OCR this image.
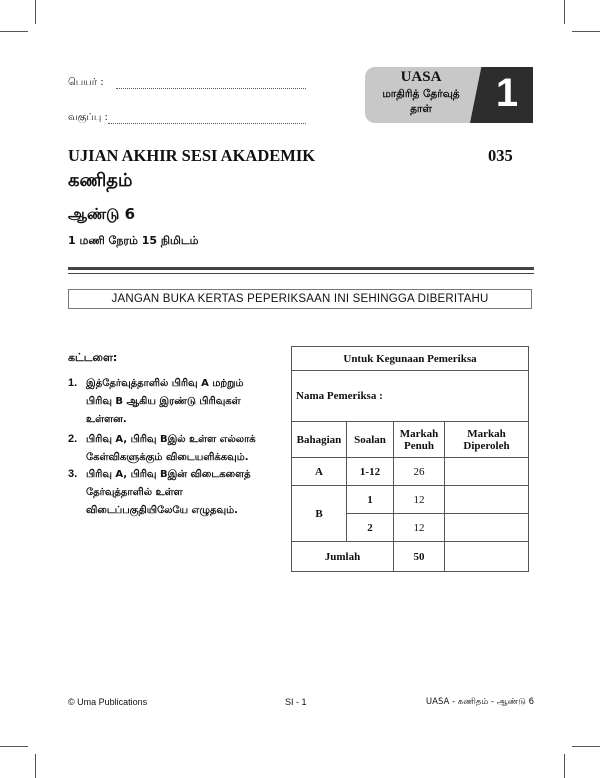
பெயர் :
வகுப்பு :
UASA
மாதிரித் தேர்வுத்
தாள்	1
UJIAN AKHIR SESI AKADEMIK	035
கணிதம்
ஆண்டு 6
1 மணி நேரம் 15 நிமிடம்
JANGAN BUKA KERTAS PEPERIKSAAN INI SEHINGGA DIBERITAHU
கட்டளை:
1. இத்தேர்வுத்தாளில் பிரிவு A மற்றும்
பிரிவு B ஆகிய இரண்டு பிரிவுகள்
உள்ளன.
2. பிரிவு A, பிரிவு Bஇல் உள்ள எல்லாக்
கேள்விகளுக்கும் விடையளிக்கவும்.
3. பிரிவு A, பிரிவு Bஇன் விடைகளைத்
தேர்வுத்தாளில் உள்ள
விடைப்பகுதியிலேயே எழுதவும்.
Untuk Kegunaan Pemeriksa			
Nama Pemeriksa :			
Bahagian	Soalan	Markah Penuh	Markah Diperoleh
A	1-12	26	
B	1	12	
	2	12	
Jumlah		50	
© Uma Publications	SI - 1	UASA - கணிதம் - ஆண்டு 6
